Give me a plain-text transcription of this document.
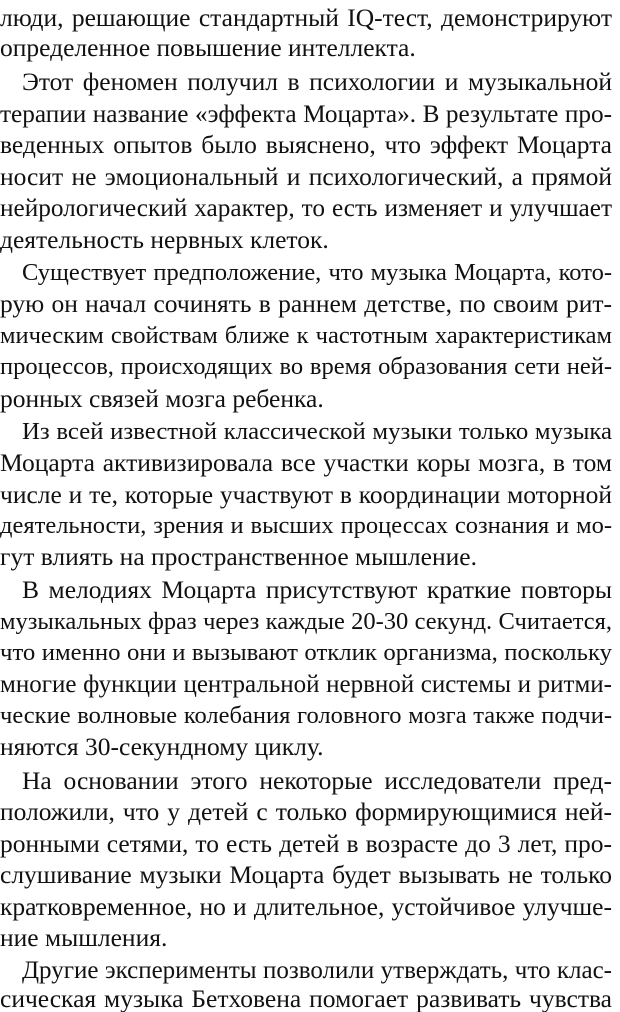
люди, решающие стандартный IQ-тест, демонстрируют
определенное повышение интеллекта.
Этот феномен получил в психологии и музыкальной
терапии название «эффекта Моцарта». В результате про-
веденных опытов было выяснено, что эффект Моцарта
носит не эмоциональный и психологический, а прямой
нейрологический характер, то есть изменяет и улучшает
деятельность нервных клеток.
Существует предположение, что музыка Моцарта, кото-
рую он начал сочинять в раннем детстве, по своим рит-
мическим свойствам ближе к частотным характеристикам
процессов, происходящих во время образования сети ней-
ронных связей мозга ребенка.
Из всей известной классической музыки только музыка
Моцарта активизировала все участки коры мозга, в том
числе и те, которые участвуют в координации моторной
деятельности, зрения и высших процессах сознания и мо-
гут влиять на пространственное мышление.
В мелодиях Моцарта присутствуют краткие повторы
музыкальных фраз через каждые 20-30 секунд. Считается,
что именно они и вызывают отклик организма, поскольку
многие функции центральной нервной системы и ритми-
ческие волновые колебания головного мозга также подчи-
няются 30-секундному циклу.
На основании этого некоторые исследователи пред-
положили, что у детей с только формирующимися ней-
ронными сетями, то есть детей в возрасте до 3 лет, про-
слушивание музыки Моцарта будет вызывать не только
кратковременное, но и длительное, устойчивое улучше-
ние мышления.
Другие эксперименты позволили утверждать, что клас-
сическая музыка Бетховена помогает развивать чувства
